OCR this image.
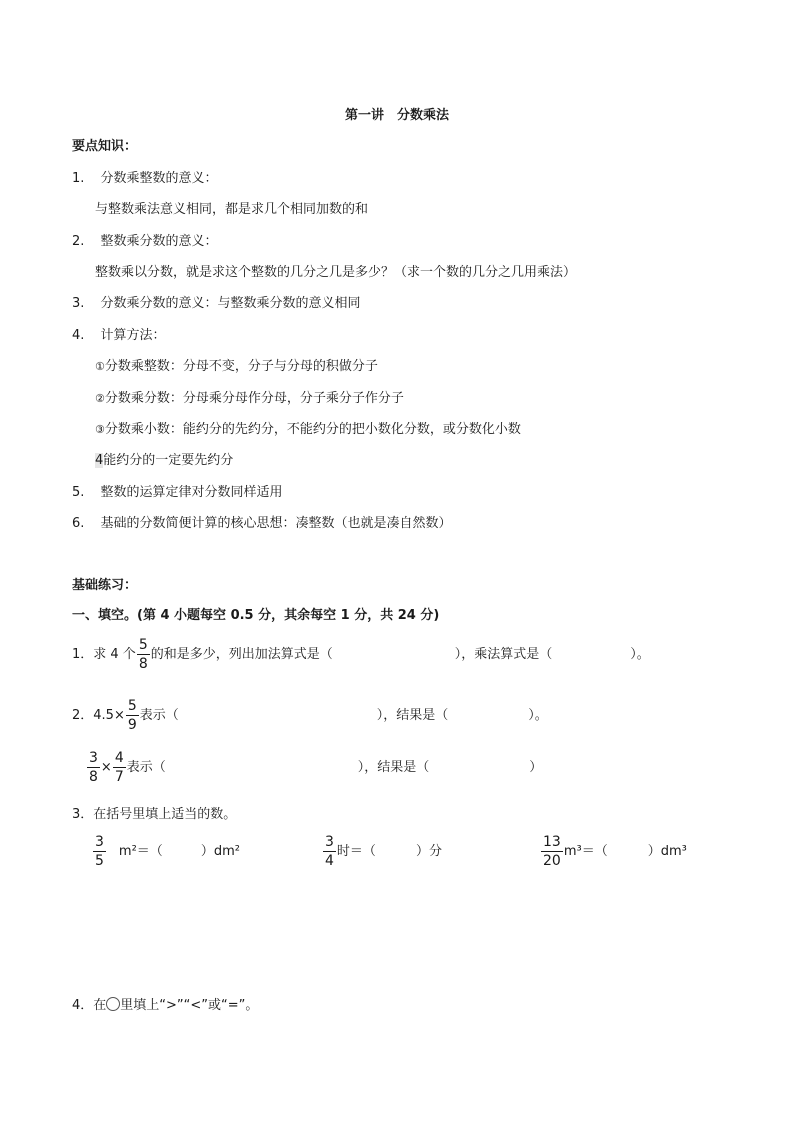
第一讲　分数乘法
要点知识：
1. 分数乘整数的意义：
与整数乘法意义相同，都是求几个相同加数的和
2. 整数乘分数的意义：
整数乘以分数，就是求这个整数的几分之几是多少？（求一个数的几分之几用乘法）
3. 分数乘分数的意义：与整数乘分数的意义相同
4. 计算方法：
①分数乘整数：分母不变，分子与分母的积做分子
②分数乘分数：分母乘分母作分母，分子乘分子作分子
③分数乘小数：能约分的先约分，不能约分的把小数化分数，或分数化小数
4能约分的一定要先约分
5. 整数的运算定律对分数同样适用
6. 基础的分数简便计算的核心思想：凑整数（也就是凑自然数）
基础练习：
一、填空。(第 4 小题每空 0.5 分，其余每空 1 分，共 24 分)
1．求 4 个 $\frac{5}{8}$ 的和是多少，列出加法算式是（	），乘法算式是（	）。
2．$4.5\times \frac{5}{9}$ 表示（	），结果是（	）。
$\frac{3}{8} \times \frac{4}{7}$ 表示（	），结果是（	）
3．在括号里填上适当的数。
$\frac{3}{5} m^2=$（	）dm²	$\frac{3}{4}$ 时＝（	）分	$\frac{13}{20} m^3=$（	）dm³
4．在 里填上“>”“<”或“=”。
